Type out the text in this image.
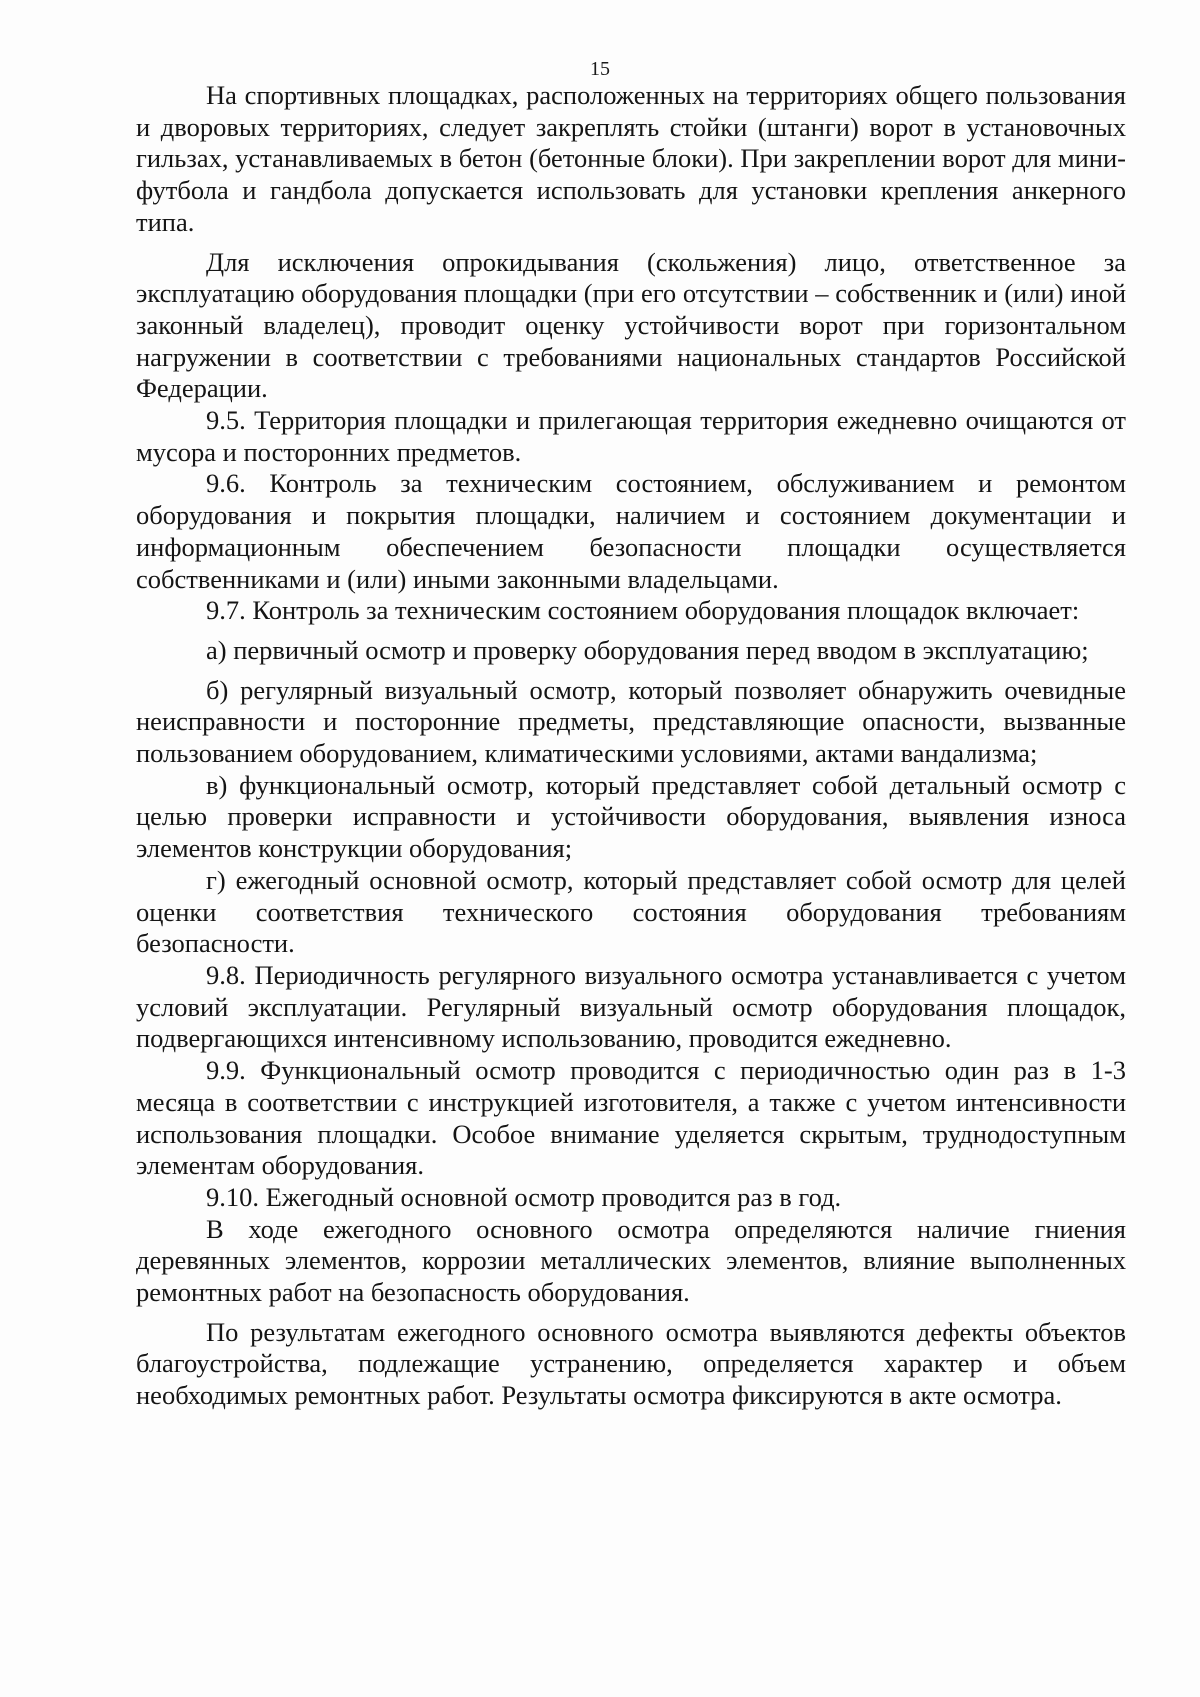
15

На спортивных площадках, расположенных на территориях общего пользования и дворовых территориях, следует закреплять стойки (штанги) ворот в установочных гильзах, устанавливаемых в бетон (бетонные блоки). При закреплении ворот для мини-футбола и гандбола допускается использовать для установки крепления анкерного типа.

Для исключения опрокидывания (скольжения) лицо, ответственное за эксплуатацию оборудования площадки (при его отсутствии – собственник и (или) иной законный владелец), проводит оценку устойчивости ворот при горизонтальном нагружении в соответствии с требованиями национальных стандартов Российской Федерации.

9.5. Территория площадки и прилегающая территория ежедневно очищаются от мусора и посторонних предметов.

9.6. Контроль за техническим состоянием, обслуживанием и ремонтом оборудования и покрытия площадки, наличием и состоянием документации и информационным обеспечением безопасности площадки осуществляется собственниками и (или) иными законными владельцами.

9.7. Контроль за техническим состоянием оборудования площадок включает:

а) первичный осмотр и проверку оборудования перед вводом в эксплуатацию;

б) регулярный визуальный осмотр, который позволяет обнаружить очевидные неисправности и посторонние предметы, представляющие опасности, вызванные пользованием оборудованием, климатическими условиями, актами вандализма;

в) функциональный осмотр, который представляет собой детальный осмотр с целью проверки исправности и устойчивости оборудования, выявления износа элементов конструкции оборудования;

г) ежегодный основной осмотр, который представляет собой осмотр для целей оценки соответствия технического состояния оборудования требованиям безопасности.

9.8. Периодичность регулярного визуального осмотра устанавливается с учетом условий эксплуатации. Регулярный визуальный осмотр оборудования площадок, подвергающихся интенсивному использованию, проводится ежедневно.

9.9. Функциональный осмотр проводится с периодичностью один раз в 1-3 месяца в соответствии с инструкцией изготовителя, а также с учетом интенсивности использования площадки. Особое внимание уделяется скрытым, труднодоступным элементам оборудования.

9.10. Ежегодный основной осмотр проводится раз в год.

В ходе ежегодного основного осмотра определяются наличие гниения деревянных элементов, коррозии металлических элементов, влияние выполненных ремонтных работ на безопасность оборудования.

По результатам ежегодного основного осмотра выявляются дефекты объектов благоустройства, подлежащие устранению, определяется характер и объем необходимых ремонтных работ. Результаты осмотра фиксируются в акте осмотра.
